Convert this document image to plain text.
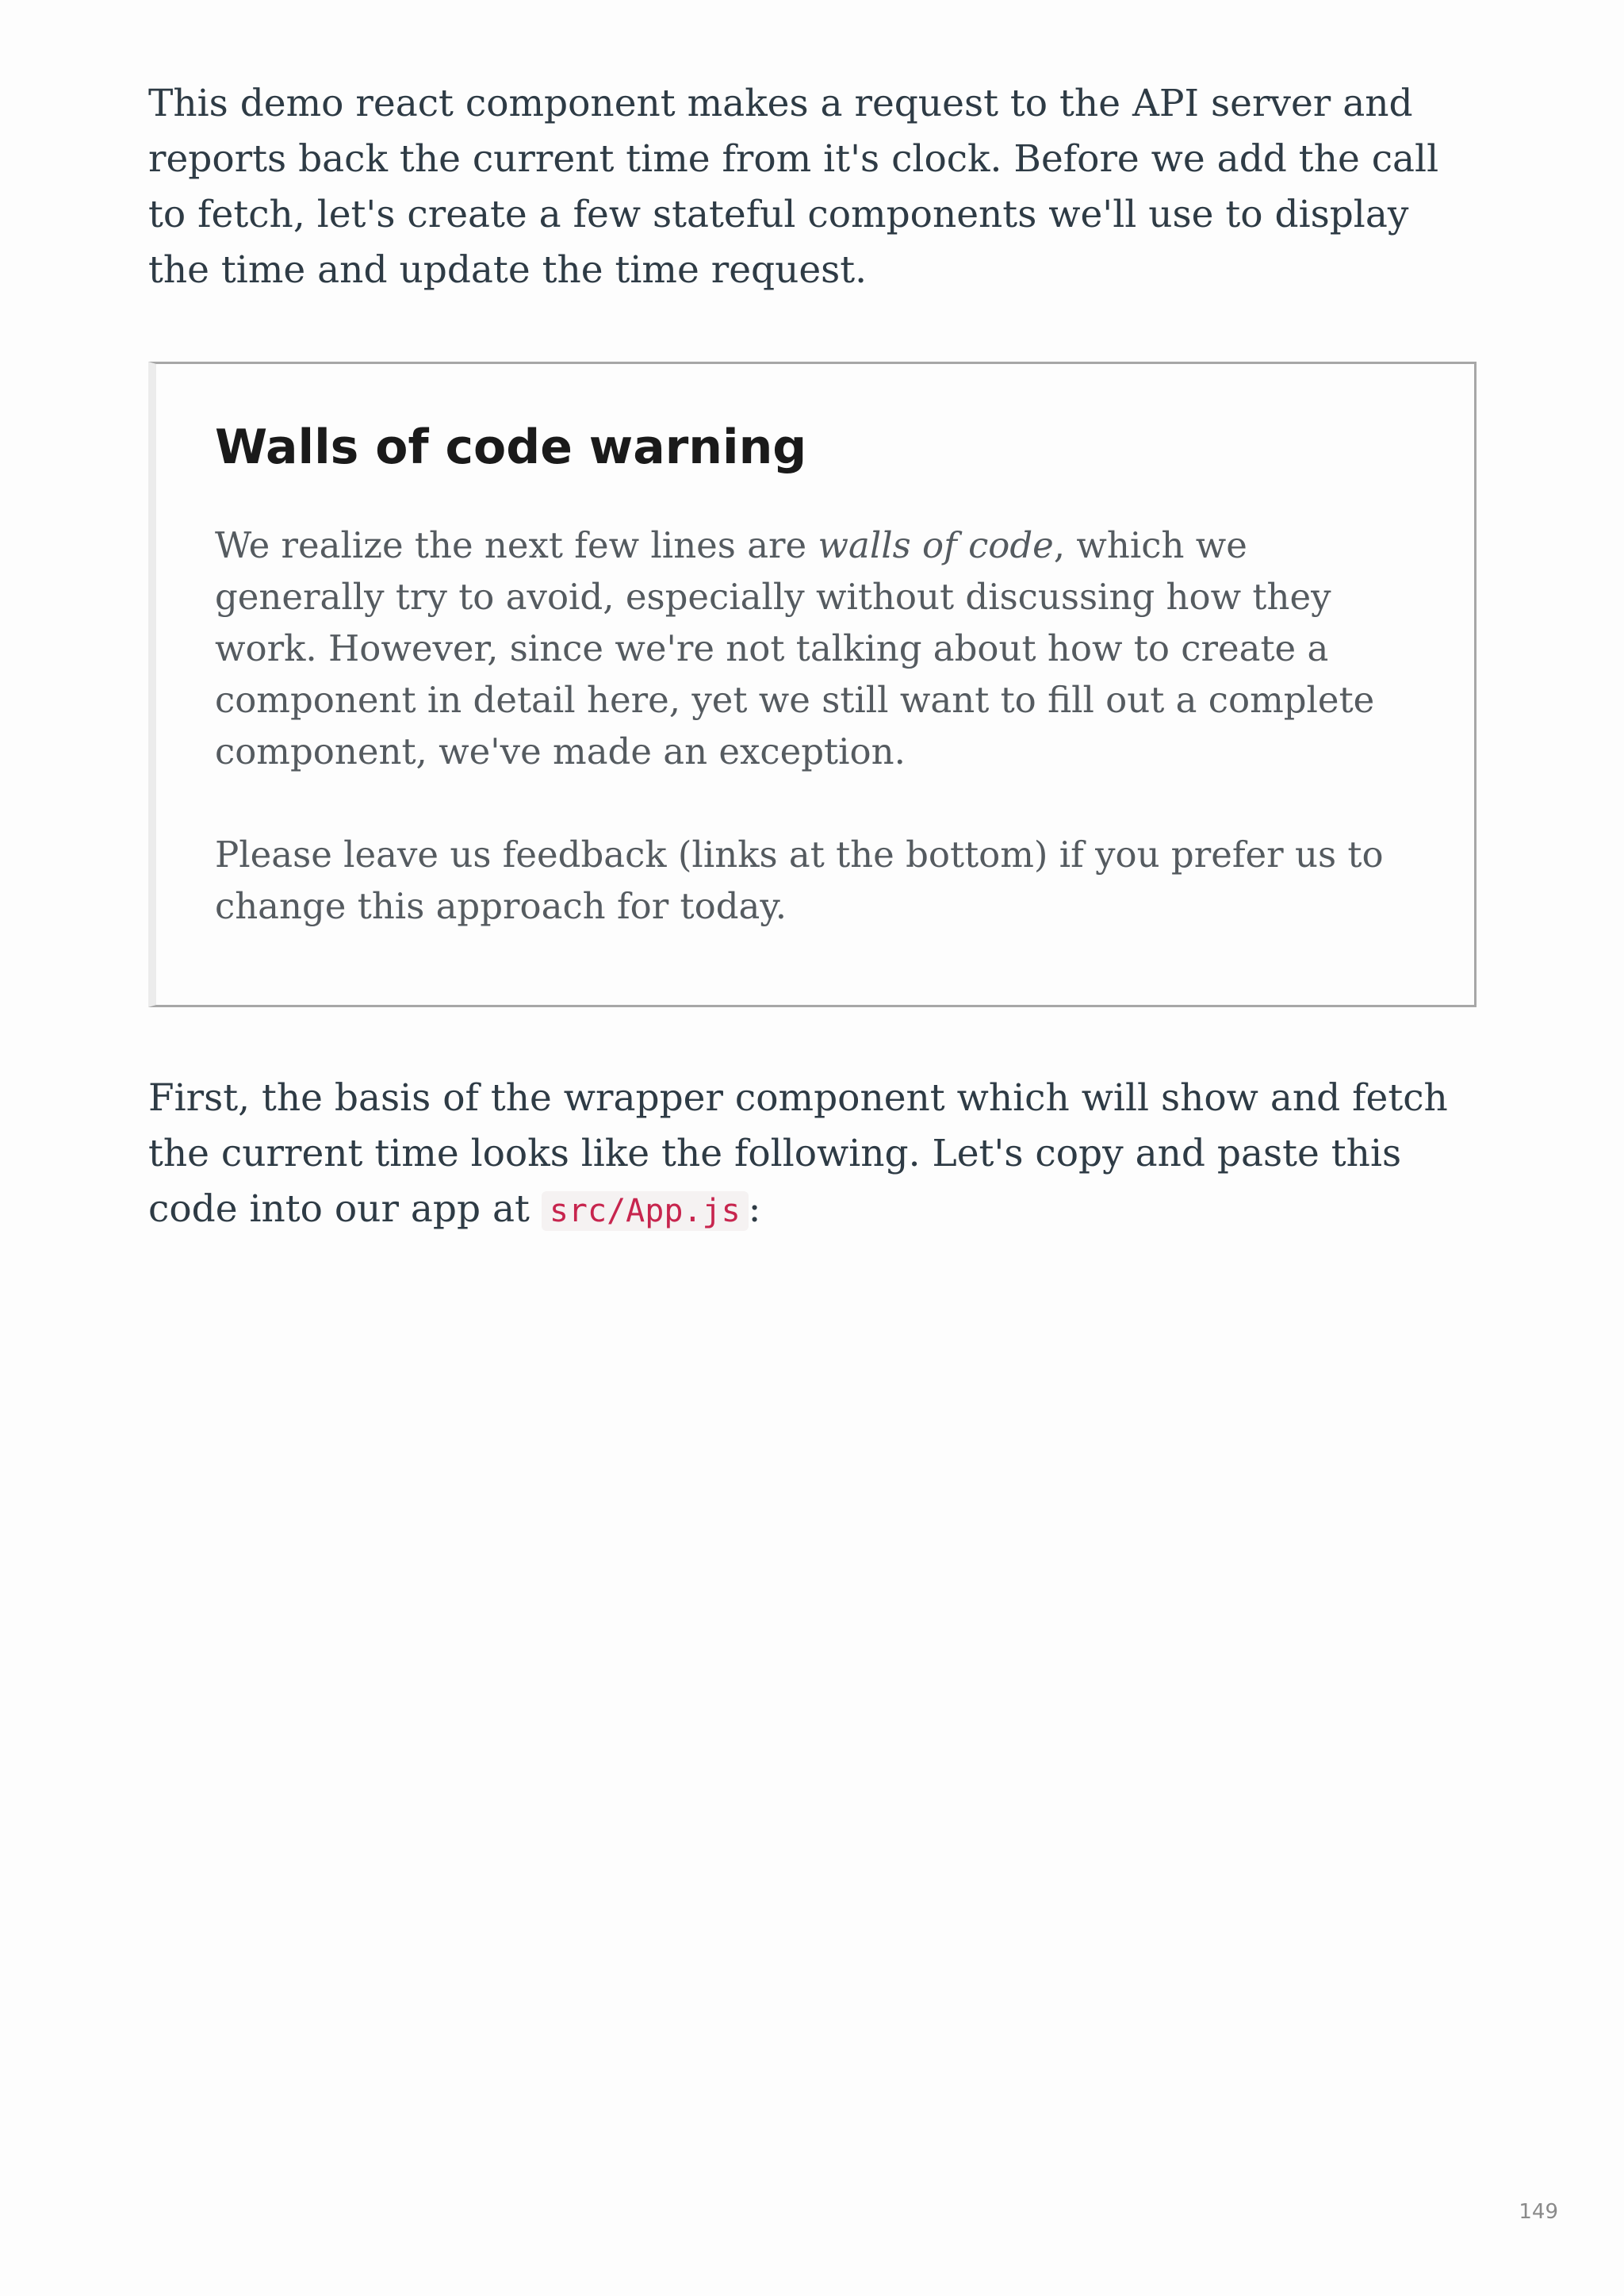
This demo react component makes a request to the API server and reports back the current time from it's clock. Before we add the call to fetch, let's create a few stateful components we'll use to display the time and update the time request.

Walls of code warning

We realize the next few lines are walls of code, which we generally try to avoid, especially without discussing how they work. However, since we're not talking about how to create a component in detail here, yet we still want to fill out a complete component, we've made an exception.

Please leave us feedback (links at the bottom) if you prefer us to change this approach for today.

First, the basis of the wrapper component which will show and fetch the current time looks like the following. Let's copy and paste this code into our app at src/App.js :

149
